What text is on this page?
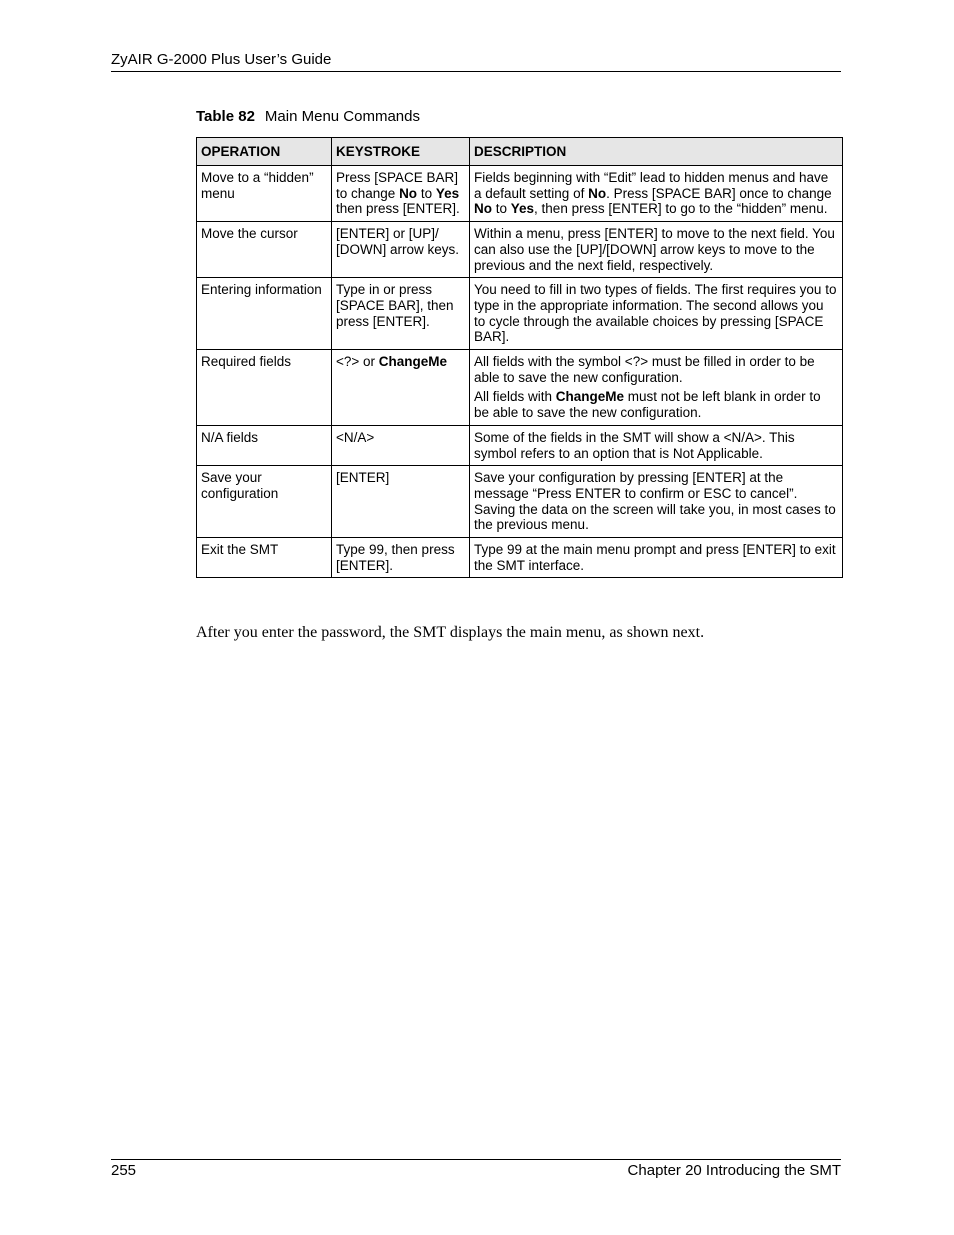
ZyAIR G-2000 Plus User’s Guide
Table 82 Main Menu Commands
OPERATION	KEYSTROKE	DESCRIPTION
Move to a “hidden” menu	Press [SPACE BAR] to change No to Yes then press [ENTER].	Fields beginning with “Edit” lead to hidden menus and have a default setting of No. Press [SPACE BAR] once to change No to Yes, then press [ENTER] to go to the “hidden” menu.

Move the cursor	[ENTER] or [UP]/ [DOWN] arrow keys.	Within a menu, press [ENTER] to move to the next field. You can also use the [UP]/[DOWN] arrow keys to move to the previous and the next field, respectively.

Entering information	Type in or press [SPACE BAR], then press [ENTER].	You need to fill in two types of fields. The first requires you to type in the appropriate information. The second allows you to cycle through the available choices by pressing [SPACE BAR].

Required fields	<?> or ChangeMe	All fields with the symbol <?> must be filled in order to be able to save the new configuration.

All fields with ChangeMe must not be left blank in order to be able to save the new configuration.

N/A fields	<N/A>	Some of the fields in the SMT will show a <N/A>. This symbol refers to an option that is Not Applicable.

Save your configuration	[ENTER]	Save your configuration by pressing [ENTER] at the message “Press ENTER to confirm or ESC to cancel”. Saving the data on the screen will take you, in most cases to the previous menu.

Exit the SMT	Type 99, then press [ENTER].	Type 99 at the main menu prompt and press [ENTER] to exit the SMT interface.

After you enter the password, the SMT displays the main menu, as shown next.
255	Chapter 20 Introducing the SMT
